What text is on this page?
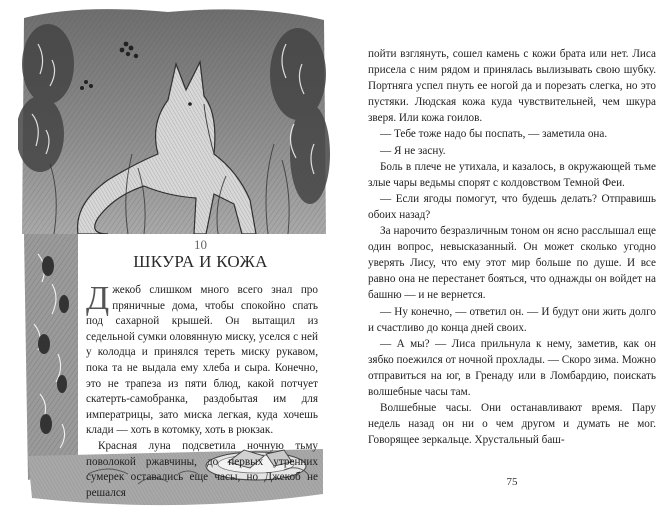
10
ШКУРА И КОЖА

Джекоб слишком много всего знал про пряничные дома, чтобы спокойно спать под сахарной крышей. Он вытащил из седельной сумки оловянную миску, уселся с ней у колодца и принялся тереть миску рукавом, пока та не выдала ему хлеба и сыра. Конечно, это не трапеза из пяти блюд, какой потчует скатерть-самобранка, раздобытая им для императрицы, зато миска легкая, куда хочешь клади — хоть в котомку, хоть в рюкзак.

Красная луна подсветила ночную тьму поволокой ржавчины, до первых утренних сумерек оставались еще часы, но Джекоб не решался

пойти взглянуть, сошел камень с кожи брата или нет. Лиса присела с ним рядом и принялась вылизывать свою шубку. Портняга успел пнуть ее ногой да и порезать слегка, но это пустяки. Людская кожа куда чувствительней, чем шкура зверя. Или кожа гоилов.

— Тебе тоже надо бы поспать, — заметила она.

— Я не засну.

Боль в плече не утихала, и казалось, в окружающей тьме злые чары ведьмы спорят с колдовством Темной Феи.

— Если ягоды помогут, что будешь делать? Отправишь обоих назад?

За нарочито безразличным тоном он ясно расслышал еще один вопрос, невысказанный. Он может сколько угодно уверять Лису, что ему этот мир больше по душе. И все равно она не перестанет бояться, что однажды он войдет на башню — и не вернется.

— Ну конечно, — ответил он. — И будут они жить долго и счастливо до конца дней своих.

— А мы? — Лиса прильнула к нему, заметив, как он зябко поежился от ночной прохлады. — Скоро зима. Можно отправиться на юг, в Гренаду или в Ломбардию, поискать волшебные часы там.

Волшебные часы. Они останавливают время. Пару недель назад он ни о чем другом и думать не мог. Говорящее зеркальце. Хрустальный баш-

75
